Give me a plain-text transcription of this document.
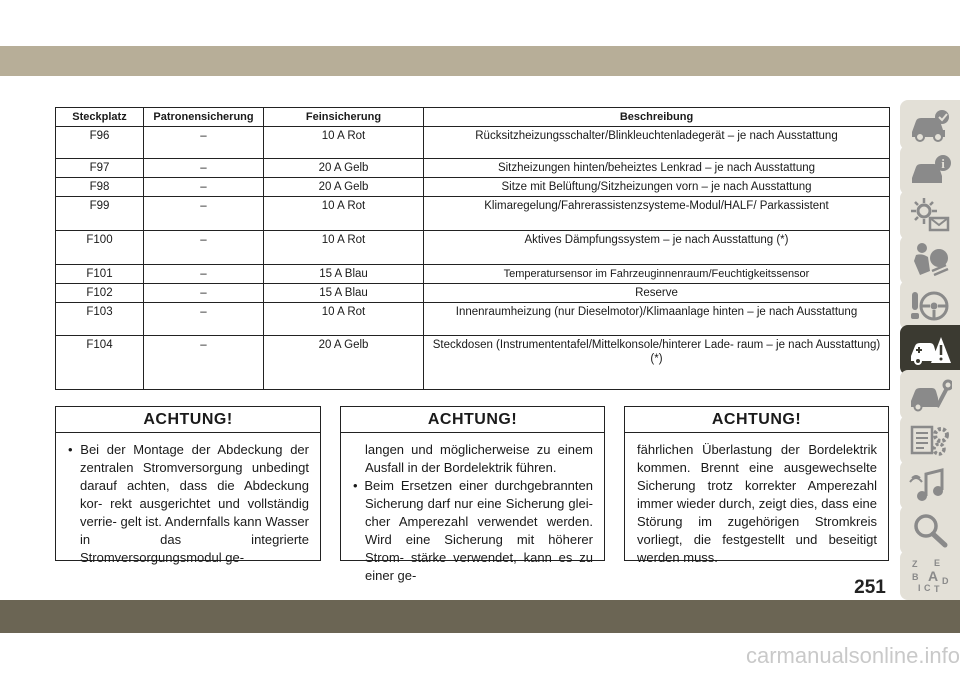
Steckplatz	Patronensicherung	Feinsicherung	Beschreibung
F96	–	10 A Rot	Rücksitzheizungsschalter/Blinkleuchtenladegerät – je nach Ausstattung
F97	–	20 A Gelb	Sitzheizungen hinten/beheiztes Lenkrad – je nach Ausstattung
F98	–	20 A Gelb	Sitze mit Belüftung/Sitzheizungen vorn – je nach Ausstattung
F99	–	10 A Rot	Klimaregelung/Fahrerassistenzsysteme-Modul/HALF/ Parkassistent
F100	–	10 A Rot	Aktives Dämpfungssystem – je nach Ausstattung (*)
F101	–	15 A Blau	Temperatursensor im Fahrzeuginnenraum/Feuchtigkeitssensor
F102	–	15 A Blau	Reserve
F103	–	10 A Rot	Innenraumheizung (nur Dieselmotor)/Klimaanlage hinten – je nach Ausstattung
F104	–	20 A Gelb	Steckdosen (Instrumententafel/Mittelkonsole/hinterer Lade- raum – je nach Ausstattung) (*)
ACHTUNG!
• Bei der Montage der Abdeckung der zentralen Stromversorgung unbedingt darauf achten, dass die Abdeckung kor- rekt ausgerichtet und vollständig verrie- gelt ist. Andernfalls kann Wasser in das integrierte Stromversorgungsmodul ge-
ACHTUNG!
langen und möglicherweise zu einem Ausfall in der Bordelektrik führen.
• Beim Ersetzen einer durchgebrannten Sicherung darf nur eine Sicherung glei- cher Amperezahl verwendet werden. Wird eine Sicherung mit höherer Strom- stärke verwendet, kann es zu einer ge-
ACHTUNG!
fährlichen Überlastung der Bordelektrik kommen. Brennt eine ausgewechselte Sicherung trotz korrekter Amperezahl immer wieder durch, zeigt dies, dass eine Störung im zugehörigen Stromkreis vorliegt, die festgestellt und beseitigt werden muss.
i
Z E
B A
I C T
D
251
carmanualsonline.info
